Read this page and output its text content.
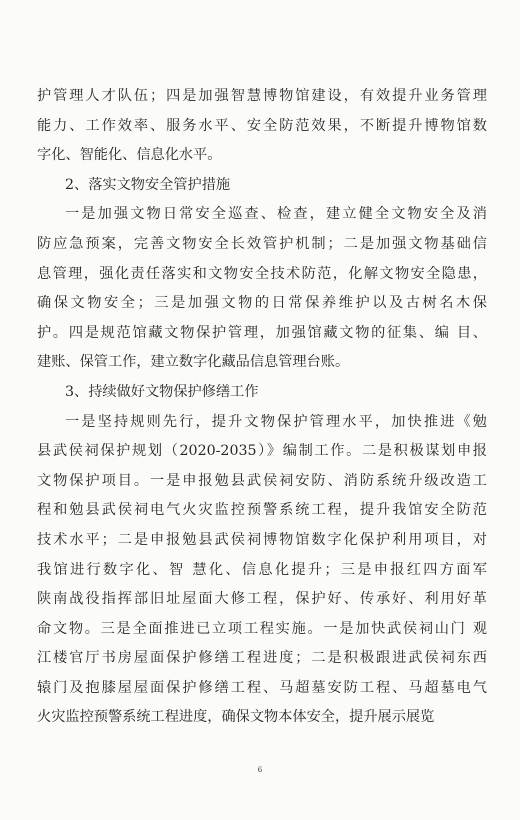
护管理人才队伍；四是加强智慧博物馆建设，有效提升业务管理
能力、工作效率、服务水平、安全防范效果，不断提升博物馆数
字化、智能化、信息化水平。
2、落实文物安全管护措施
一是加强文物日常安全巡查、检查，建立健全文物安全及消
防应急预案，完善文物安全长效管护机制；二是加强文物基础信
息管理，强化责任落实和文物安全技术防范，化解文物安全隐患，
确保文物安全；三是加强文物的日常保养维护以及古树名木保
护。四是规范馆藏文物保护管理，加强馆藏文物的征集、编 目、
建账、保管工作，建立数字化藏品信息管理台账。
3、持续做好文物保护修缮工作
一是坚持规则先行，提升文物保护管理水平，加快推进《勉
县武侯祠保护规划（2020-2035）》编制工作。二是积极谋划申报
文物保护项目。一是申报勉县武侯祠安防、消防系统升级改造工
程和勉县武侯祠电气火灾监控预警系统工程，提升我馆安全防范
技术水平；二是申报勉县武侯祠博物馆数字化保护利用项目，对
我馆进行数字化、智 慧化、信息化提升；三是申报红四方面军
陕南战役指挥部旧址屋面大修工程，保护好、传承好、利用好革
命文物。三是全面推进已立项工程实施。一是加快武侯祠山门 观
江楼官厅书房屋面保护修缮工程进度；二是积极跟进武侯祠东西
辕门及抱膝屋屋面保护修缮工程、马超墓安防工程、马超墓电气
火灾监控预警系统工程进度，确保文物本体安全，提升展示展览
6
